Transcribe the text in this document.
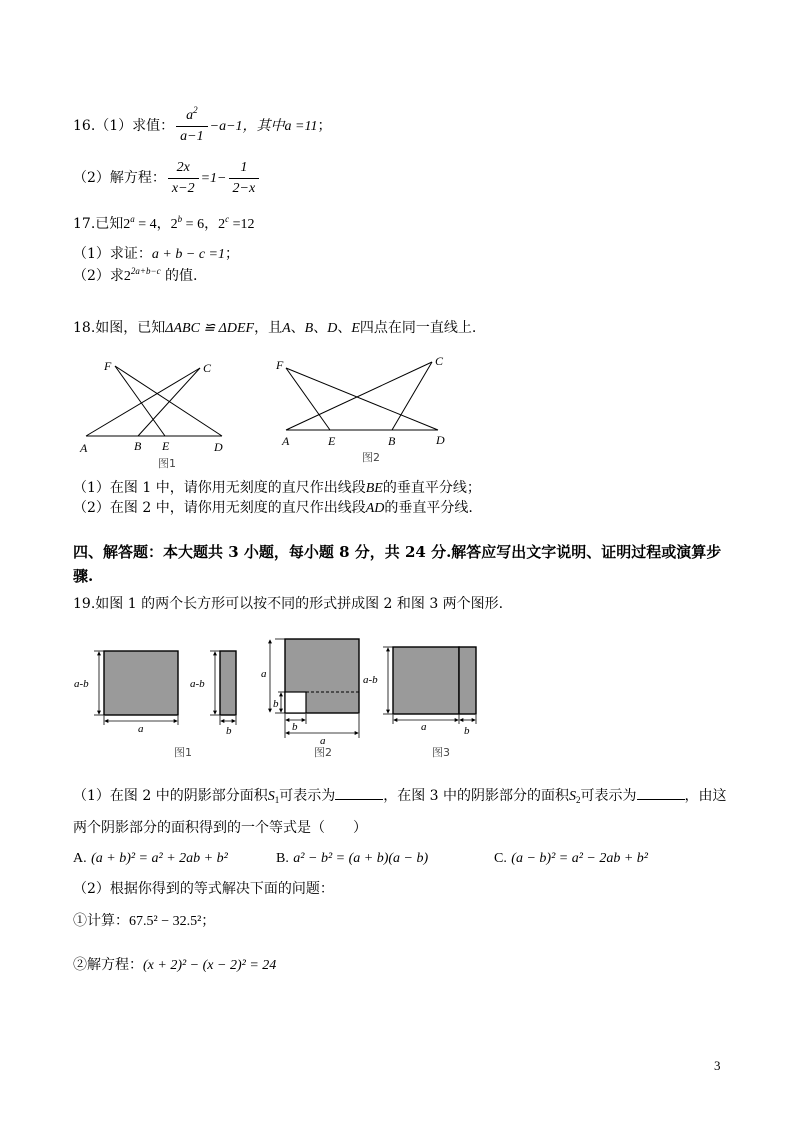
16.（1）求值： $\frac{a^2}{a-1} -a-1$，其中a =11；
（2）解方程： $\frac{2x}{x-2} =1- \frac{1}{2-x}$
17.已知$2^a = 4$，$2^b = 6$，$2^c =12$
（1）求证：a + b − c =1；
（2）求$2^{2a+b-c}$ 的值.
18.如图，已知ΔABC ≌ ΔDEF，且A、B、D、E四点在同一直线上.
F	C
A	B E	D
图1
F	C
A	E	B	D
图2
（1）在图 1 中，请你用无刻度的直尺作出线段BE的垂直平分线；
（2）在图 2 中，请你用无刻度的直尺作出线段AD的垂直平分线.
四、解答题：本大题共 3 小题，每小题 8 分，共 24 分.解答应写出文字说明、证明过程或演算步骤.
19.如图 1 的两个长方形可以按不同的形式拼成图 2 和图 3 两个图形.
a-b
a
a-b
b
图1
a
b
b
a
图2
a-b
a	b
图3
（1）在图 2 中的阴影部分面积$S_1$可表示为	，在图 3 中的阴影部分的面积$S_2$可表示为	，由这
两个阴影部分的面积得到的一个等式是（　　）
A. (a + b)² = a² + 2ab + b²	B. a² − b² = (a + b)(a − b)	C. (a − b)² = a² − 2ab + b²
（2）根据你得到的等式解决下面的问题：
①计算：67.5² − 32.5²；
②解方程：(x + 2)² − (x − 2)² = 24
3
